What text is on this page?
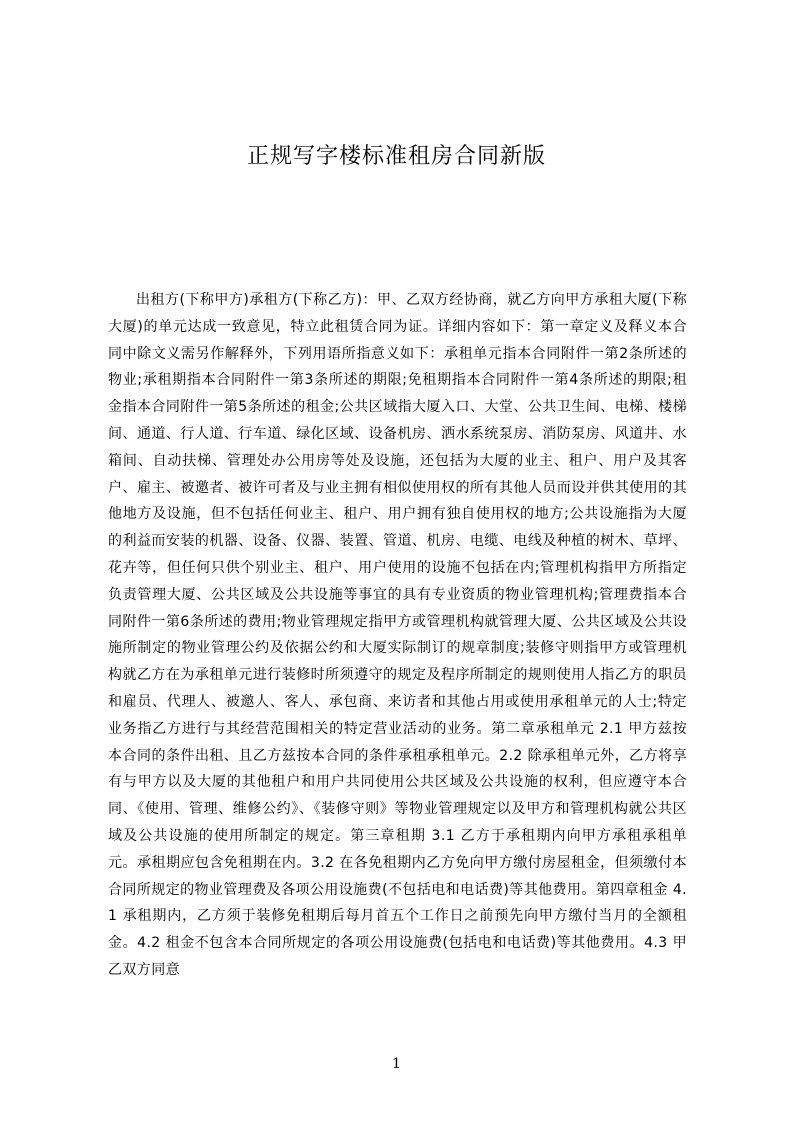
正规写字楼标准租房合同新版

出租方(下称甲方)承租方(下称乙方)：甲、乙双方经协商，就乙方向甲方承租大厦(下称大厦)的单元达成一致意见，特立此租赁合同为证。详细内容如下：第一章定义及释义本合同中除文义需另作解释外，下列用语所指意义如下：承租单元指本合同附件一第2条所述的物业;承租期指本合同附件一第3条所述的期限;免租期指本合同附件一第4条所述的期限;租金指本合同附件一第5条所述的租金;公共区域指大厦入口、大堂、公共卫生间、电梯、楼梯间、通道、行人道、行车道、绿化区域、设备机房、洒水系统泵房、消防泵房、风道井、水箱间、自动扶梯、管理处办公用房等处及设施，还包括为大厦的业主、租户、用户及其客户、雇主、被邀者、被许可者及与业主拥有相似使用权的所有其他人员而设并供其使用的其他地方及设施，但不包括任何业主、租户、用户拥有独自使用权的地方;公共设施指为大厦的利益而安装的机器、设备、仪器、装置、管道、机房、电缆、电线及种植的树木、草坪、花卉等，但任何只供个别业主、租户、用户使用的设施不包括在内;管理机构指甲方所指定负责管理大厦、公共区域及公共设施等事宜的具有专业资质的物业管理机构;管理费指本合同附件一第6条所述的费用;物业管理规定指甲方或管理机构就管理大厦、公共区域及公共设施所制定的物业管理公约及依据公约和大厦实际制订的规章制度;装修守则指甲方或管理机构就乙方在为承租单元进行装修时所须遵守的规定及程序所制定的规则使用人指乙方的职员和雇员、代理人、被邀人、客人、承包商、来访者和其他占用或使用承租单元的人士;特定业务指乙方进行与其经营范围相关的特定营业活动的业务。第二章承租单元 2.1 甲方兹按本合同的条件出租、且乙方兹按本合同的条件承租承租单元。2.2 除承租单元外，乙方将享有与甲方以及大厦的其他租户和用户共同使用公共区域及公共设施的权利，但应遵守本合同、《使用、管理、维修公约》、《装修守则》等物业管理规定以及甲方和管理机构就公共区域及公共设施的使用所制定的规定。第三章租期 3.1 乙方于承租期内向甲方承租承租单元。承租期应包含免租期在内。3.2 在各免租期内乙方免向甲方缴付房屋租金，但须缴付本合同所规定的物业管理费及各项公用设施费(不包括电和电话费)等其他费用。第四章租金 4.1 承租期内，乙方须于装修免租期后每月首五个工作日之前预先向甲方缴付当月的全额租金。4.2 租金不包含本合同所规定的各项公用设施费(包括电和电话费)等其他费用。4.3 甲乙双方同意

1
